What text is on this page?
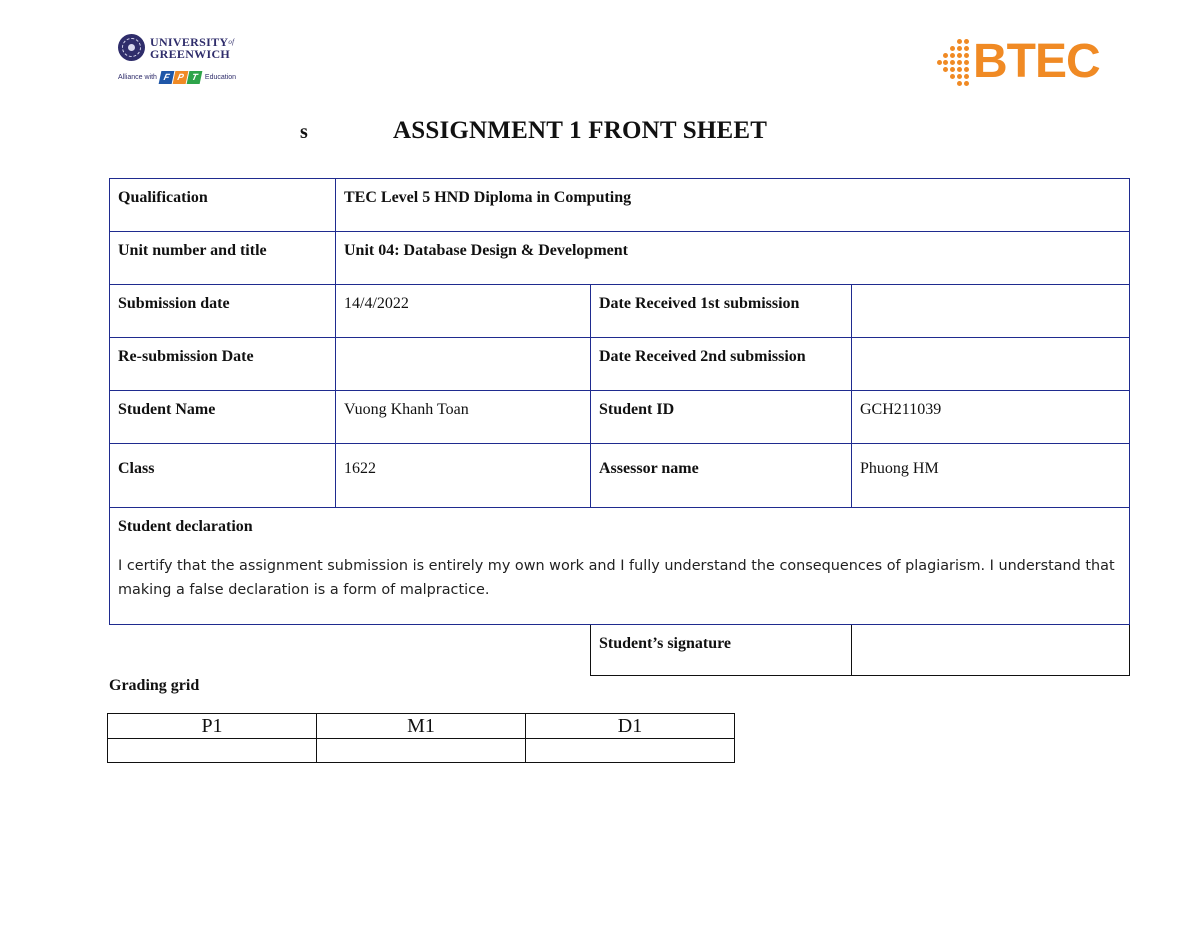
$UNIVERSITY^{of}$
GREENWICH
Alliance with F P T Education	BTEC
s	ASSIGNMENT 1 FRONT SHEET
Qualification	TEC Level 5 HND Diploma in Computing		
Unit number and title	Unit 04: Database Design & Development		
Submission date	14/4/2022	Date Received 1st submission	
Re-submission Date		Date Received 2nd submission	
Student Name	Vuong Khanh Toan	Student ID	GCH211039
Class	1622	Assessor name	Phuong HM

Student declaration
I certify that the assignment submission is entirely my own work and I fully understand the consequences of plagiarism. I understand that making a false declaration is a form of malpractice.			

		Student’s signature	
Grading grid
P1	M1	D1
